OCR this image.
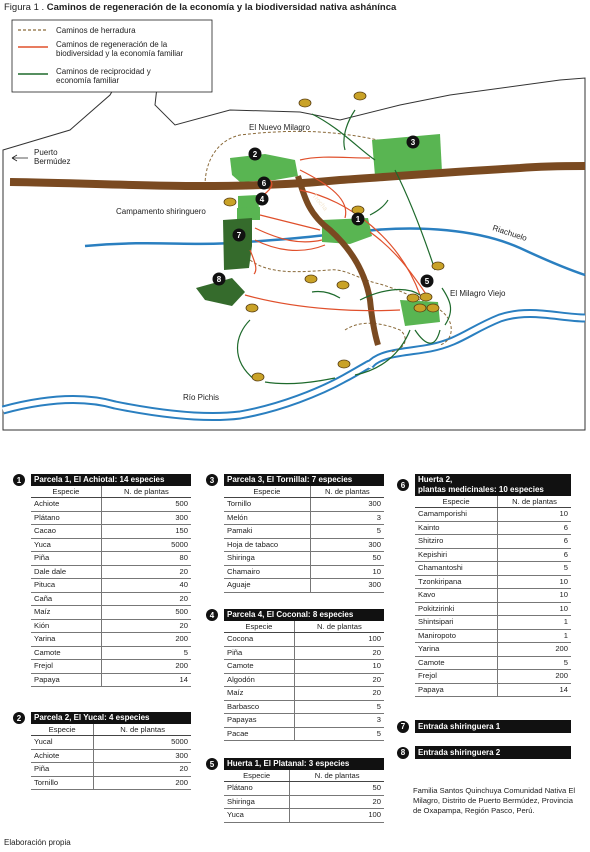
Figura 1 . Caminos de regeneración de la economía y la biodiversidad nativa ashánínca
1
2
3
4
5
6
7
8
Puerto
Bermúdez
El Nuevo Milagro
Campamento shiringuero
Riachuelo
El Milagro Viejo
Río Pichis
Trocha
Caminos de herradura
Caminos de regeneración de la
biodiversidad y la economía familiar
Caminos de reciprocidad y
economía familiar
1	Parcela 1, El Achiotal: 14 especies
Especie	N. de plantas
Achiote	500
Plátano	300
Cacao	150
Yuca	5000
Piña	80
Dale dale	20
Pituca	40
Caña	20
Maíz	500
Kión	20
Yarina	200
Camote	5
Frejol	200
Papaya	14
2	Parcela 2, El Yucal: 4 especies
Especie	N. de plantas
Yucal	5000
Achiote	300
Piña	20
Tornillo	200
3	Parcela 3, El Tornillal: 7 especies
Especie	N. de plantas
Tornillo	300
Melón	3
Pamaki	5
Hoja de tabaco	300
Shiringa	50
Chamairo	10
Aguaje	300
4	Parcela 4, El Coconal: 8 especies
Especie	N. de plantas
Cocona	100
Piña	20
Camote	10
Algodón	20
Maíz	20
Barbasco	5
Papayas	3
Pacae	5
5	Huerta 1, El Platanal: 3 especies
Especie	N. de plantas
Plátano	50
Shiringa	20
Yuca	100
6
Huerta 2,
plantas medicinales: 10 especies
Especie	N. de plantas
Camamporishi	10
Kainto	6
Shitziro	6
Kepishiri	6
Chamantoshi	5
Tzonkiripana	10
Kavo	10
Pokitzirinki	10
Shintsipari	1
Maniropoto	1
Yarina	200
Camote	5
Frejol	200
Papaya	14
7	Entrada shiringuera 1
8	Entrada shiringuera 2
Familia Santos Quinchuya Comunidad Nativa El Milagro, Distrito de Puerto Bermúdez, Provincia de Oxapampa, Región Pasco, Perú.
Elaboración propia
